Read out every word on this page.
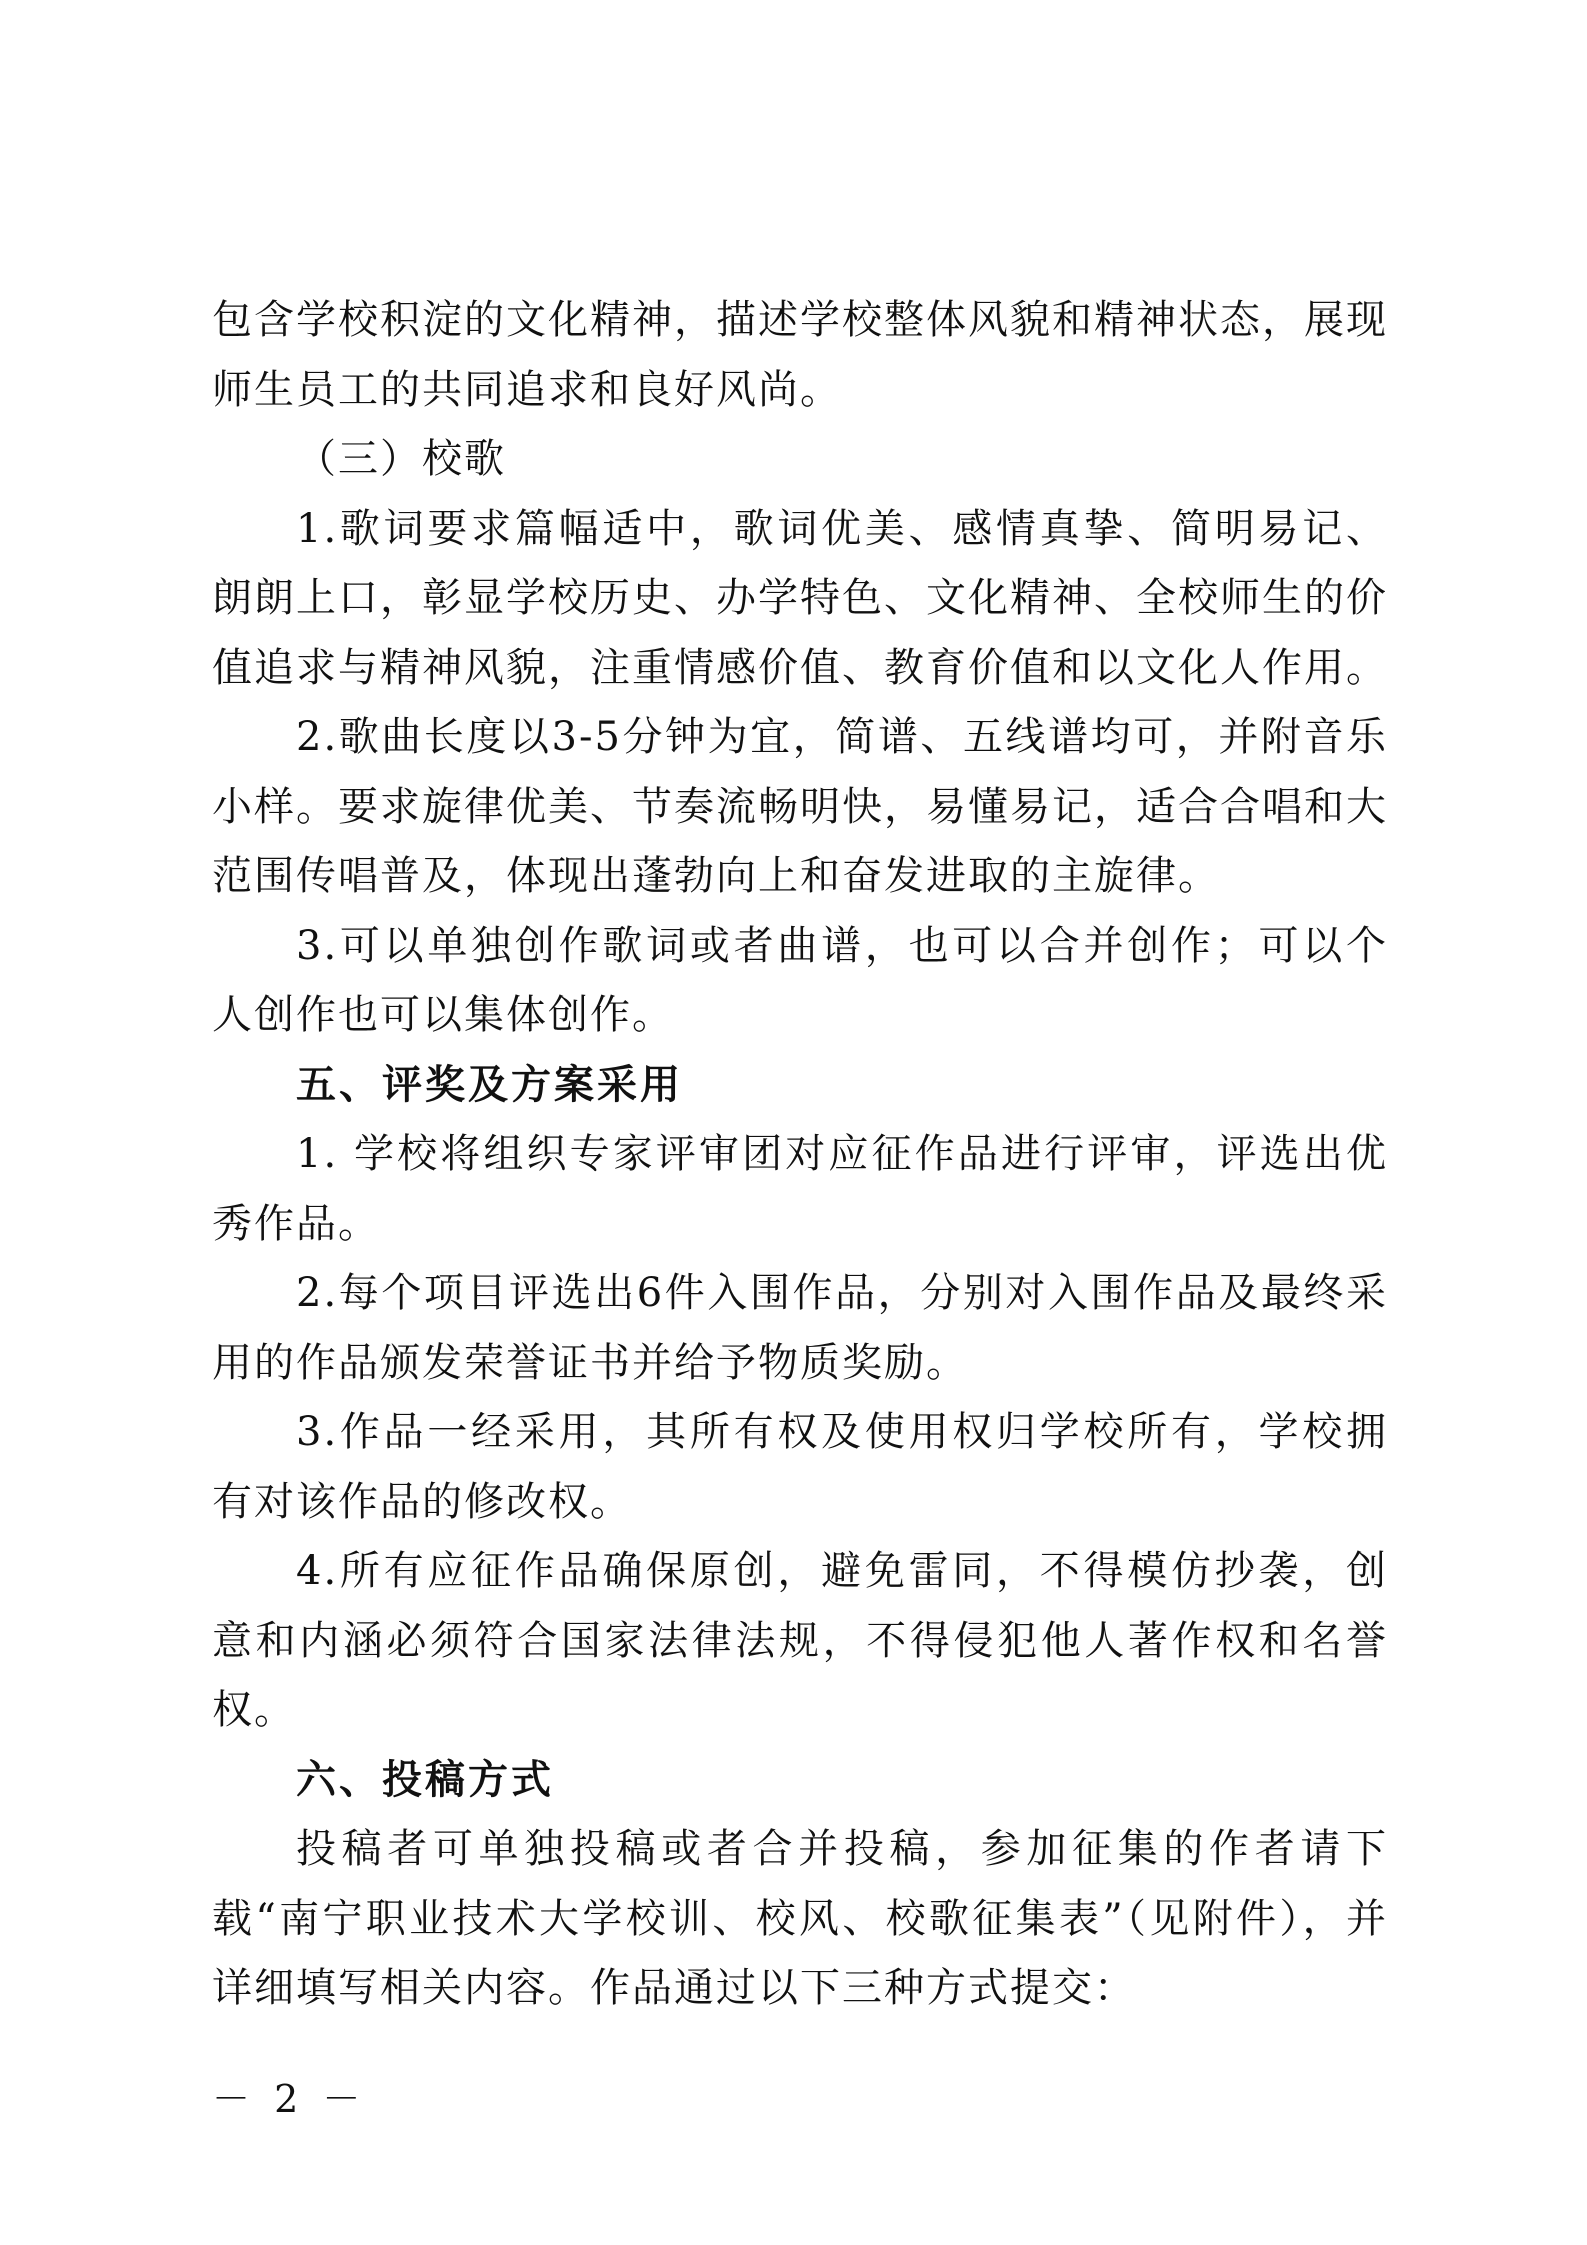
包含学校积淀的文化精神，描述学校整体风貌和精神状态，展现师生员工的共同追求和良好风尚。

（三）校歌

1.歌词要求篇幅适中，歌词优美、感情真挚、简明易记、朗朗上口，彰显学校历史、办学特色、文化精神、全校师生的价值追求与精神风貌，注重情感价值、教育价值和以文化人作用。

2.歌曲长度以3-5分钟为宜，简谱、五线谱均可，并附音乐小样。要求旋律优美、节奏流畅明快，易懂易记，适合合唱和大范围传唱普及，体现出蓬勃向上和奋发进取的主旋律。

3.可以单独创作歌词或者曲谱，也可以合并创作；可以个人创作也可以集体创作。

五、评奖及方案采用

1. 学校将组织专家评审团对应征作品进行评审，评选出优秀作品。

2.每个项目评选出6件入围作品，分别对入围作品及最终采用的作品颁发荣誉证书并给予物质奖励。

3.作品一经采用，其所有权及使用权归学校所有，学校拥有对该作品的修改权。

4.所有应征作品确保原创，避免雷同，不得模仿抄袭，创意和内涵必须符合国家法律法规，不得侵犯他人著作权和名誉权。

六、投稿方式

投稿者可单独投稿或者合并投稿，参加征集的作者请下载“南宁职业技术大学校训、校风、校歌征集表”（见附件），并详细填写相关内容。作品通过以下三种方式提交：

－ 2 －
